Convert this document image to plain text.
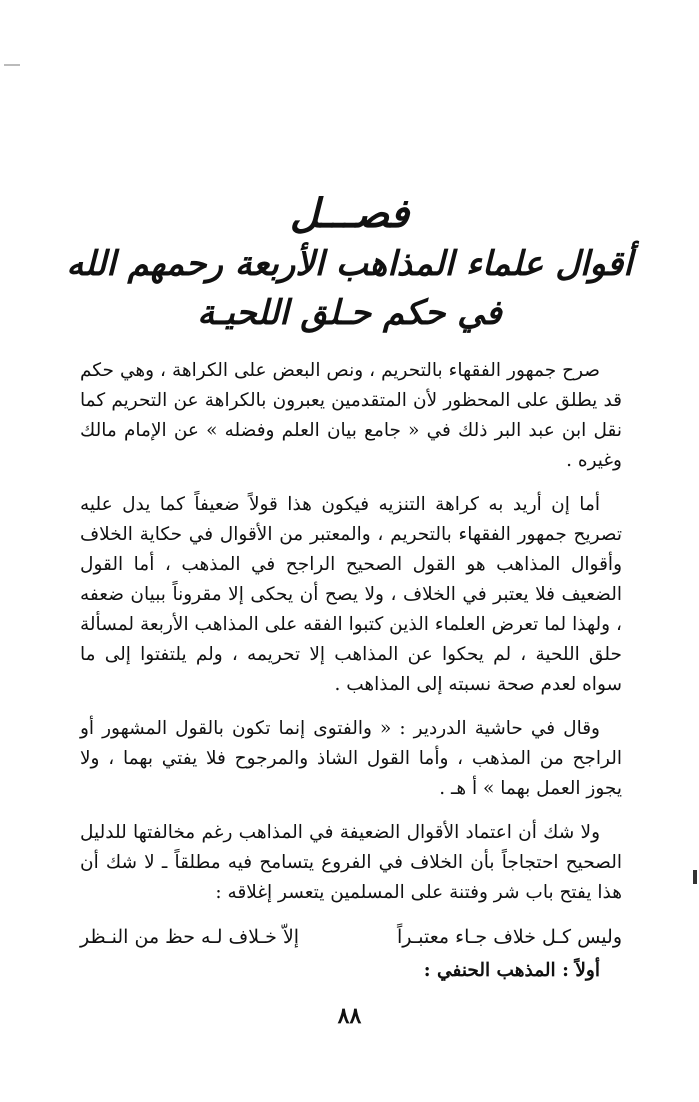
فصـــل
أقوال علماء المذاهب الأربعة رحمهم الله
في حكم حـلق اللحيـة

صرح جمهور الفقهاء بالتحريم ، ونص البعض على الكراهة ، وهي حكم قد يطلق على المحظور لأن المتقدمين يعبرون بالكراهة عن التحريم كما نقل ابن عبد البر ذلك في « جامع بيان العلم وفضله » عن الإمام مالك وغيره .

أما إن أريد به كراهة التنزيه فيكون هذا قولاً ضعيفاً كما يدل عليه تصريح جمهور الفقهاء بالتحريم ، والمعتبر من الأقوال في حكاية الخلاف وأقوال المذاهب هو القول الصحيح الراجح في المذهب ، أما القول الضعيف فلا يعتبر في الخلاف ، ولا يصح أن يحكى إلا مقروناً ببيان ضعفه ، ولهذا لما تعرض العلماء الذين كتبوا الفقه على المذاهب الأربعة لمسألة حلق اللحية ، لم يحكوا عن المذاهب إلا تحريمه ، ولم يلتفتوا إلى ما سواه لعدم صحة نسبته إلى المذاهب .

وقال في حاشية الدردير : « والفتوى إنما تكون بالقول المشهور أو الراجح من المذهب ، وأما القول الشاذ والمرجوح فلا يفتي بهما ، ولا يجوز العمل بهما » أ هـ .

ولا شك أن اعتماد الأقوال الضعيفة في المذاهب رغم مخالفتها للدليل الصحيح احتجاجاً بأن الخلاف في الفروع يتسامح فيه مطلقاً ـ لا شك أن هذا يفتح باب شر وفتنة على المسلمين يتعسر إغلاقه :

وليس كـل خلاف جـاء معتبـراً
إلاّ خـلاف لـه حظ من النـظر

أولاً : المذهب الحنفي :

٨٨
